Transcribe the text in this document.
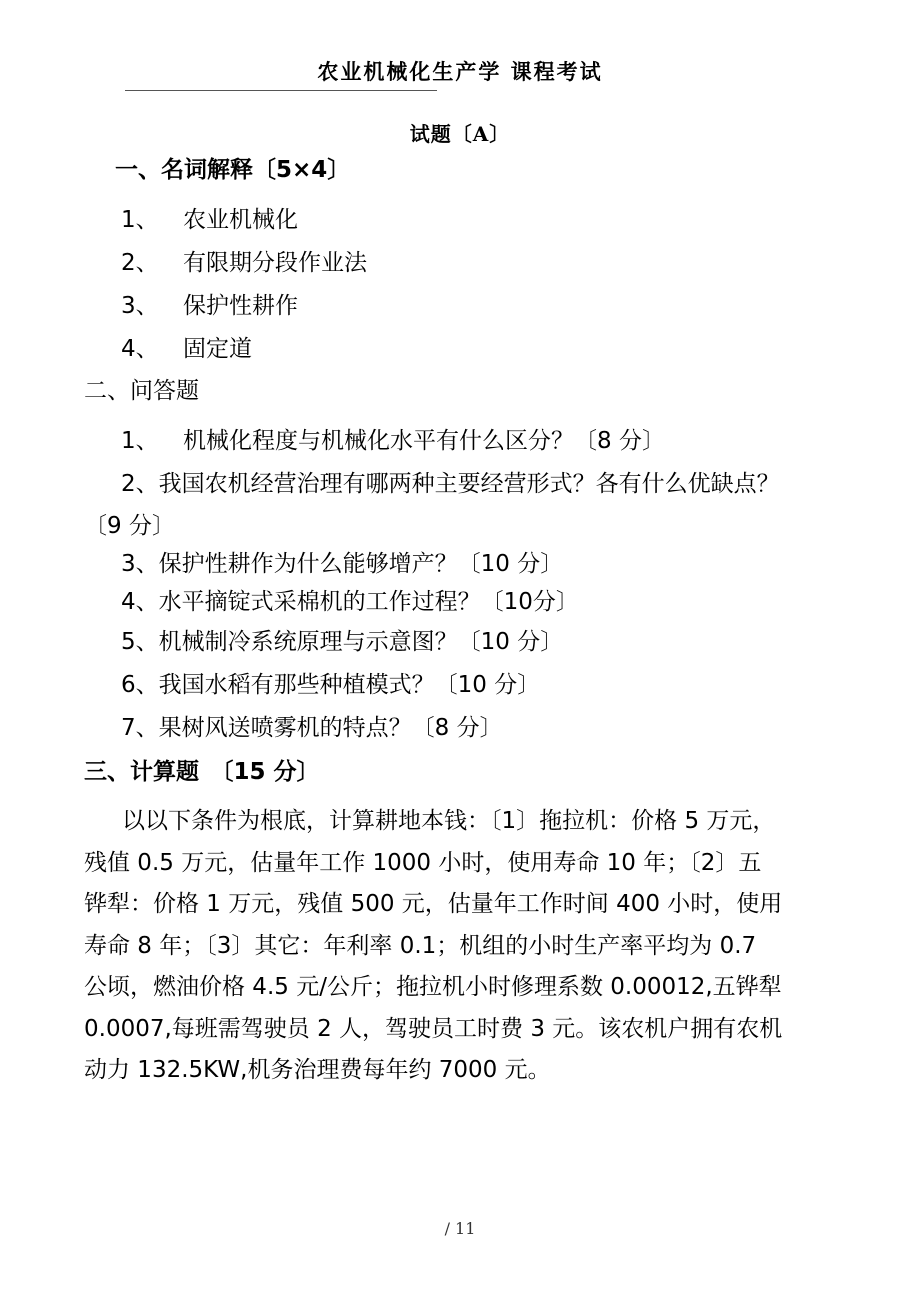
农业机械化生产学 课程考试
试题〔A〕
一、名词解释〔5×4〕
1、 农业机械化
2、 有限期分段作业法
3、 保护性耕作
4、 固定道
二、问答题
1、 机械化程度与机械化水平有什么区分？〔8 分〕
2、我国农机经营治理有哪两种主要经营形式？各有什么优缺点？
〔9 分〕
3、保护性耕作为什么能够增产？〔10 分〕
4、水平摘锭式采棉机的工作过程？〔10分〕
5、机械制冷系统原理与示意图？〔10 分〕
6、我国水稻有那些种植模式？〔10 分〕
7、果树风送喷雾机的特点？〔8 分〕
三、计算题　〔15 分〕
以以下条件为根底，计算耕地本钱：〔1〕拖拉机：价格 5 万元，
残值 0.5 万元，估量年工作 1000 小时，使用寿命 10 年；〔2〕五
铧犁：价格 1 万元，残值 500 元，估量年工作时间 400 小时，使用
寿命 8 年；〔3〕其它：年利率 0.1；机组的小时生产率平均为 0.7
公顷，燃油价格 4.5 元/公斤；拖拉机小时修理系数 0.00012,五铧犁
0.0007,每班需驾驶员 2 人，驾驶员工时费 3 元。该农机户拥有农机
动力 132.5KW,机务治理费每年约 7000 元。
/ 11
